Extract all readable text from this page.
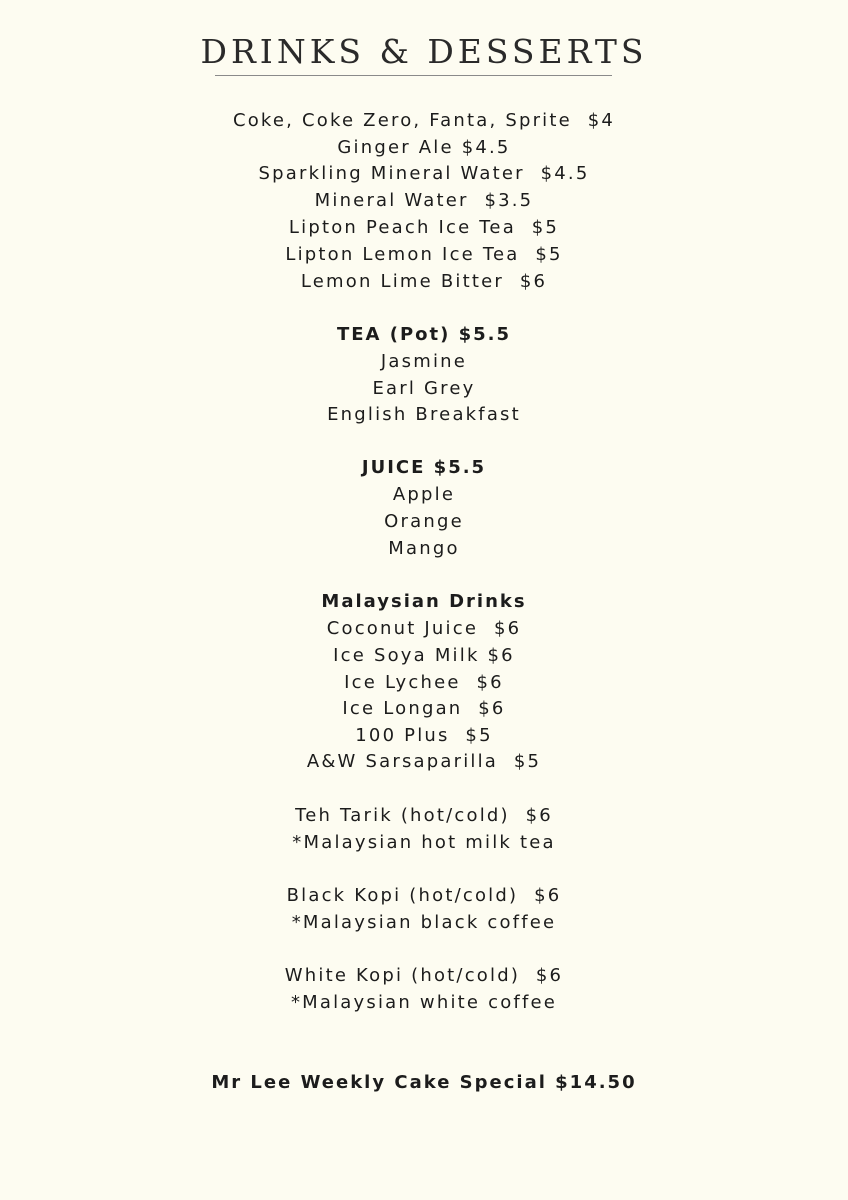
DRINKS & DESSERTS
Coke, Coke Zero, Fanta, Sprite  $4
Ginger Ale $4.5
Sparkling Mineral Water  $4.5
Mineral Water  $3.5
Lipton Peach Ice Tea  $5
Lipton Lemon Ice Tea  $5
Lemon Lime Bitter  $6
TEA (Pot) $5.5
Jasmine
Earl Grey
English Breakfast
JUICE $5.5
Apple
Orange
Mango
Malaysian Drinks
Coconut Juice  $6
Ice Soya Milk $6
Ice Lychee  $6
Ice Longan  $6
100 Plus  $5
A&W Sarsaparilla  $5
Teh Tarik (hot/cold)  $6
*Malaysian hot milk tea
Black Kopi (hot/cold)  $6
*Malaysian black coffee
White Kopi (hot/cold)  $6
*Malaysian white coffee
Mr Lee Weekly Cake Special $14.50
